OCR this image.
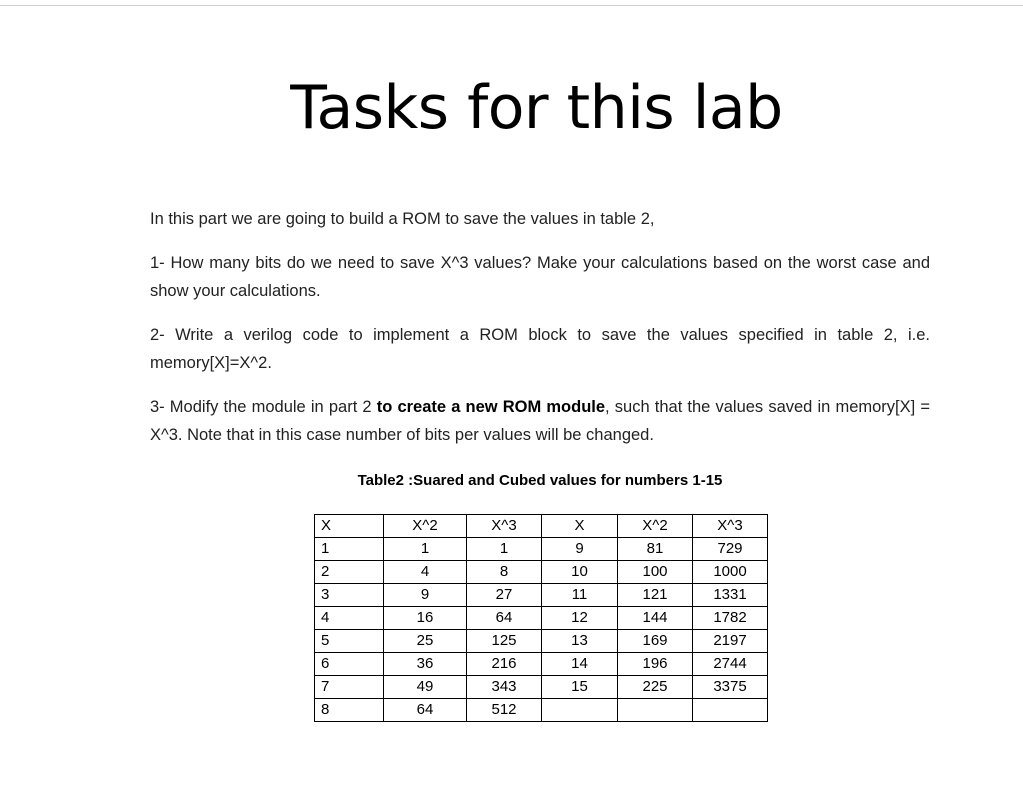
Tasks for this lab

In this part we are going to build a ROM to save the values in table 2,

1- How many bits do we need to save X^3 values? Make your calculations based on the worst case and show your calculations.

2- Write a verilog code to implement a ROM block to save the values specified in table 2, i.e. memory[X]=X^2.

3- Modify the module in part 2 to create a new ROM module, such that the values saved in memory[X] = X^3. Note that in this case number of bits per values will be changed.

Table2 :Suared and Cubed values for numbers 1-15
X	X^2	X^3	X	X^2	X^3
1	1	1	9	81	729
2	4	8	10	100	1000
3	9	27	11	121	1331
4	16	64	12	144	1782
5	25	125	13	169	2197
6	36	216	14	196	2744
7	49	343	15	225	3375
8	64	512			
